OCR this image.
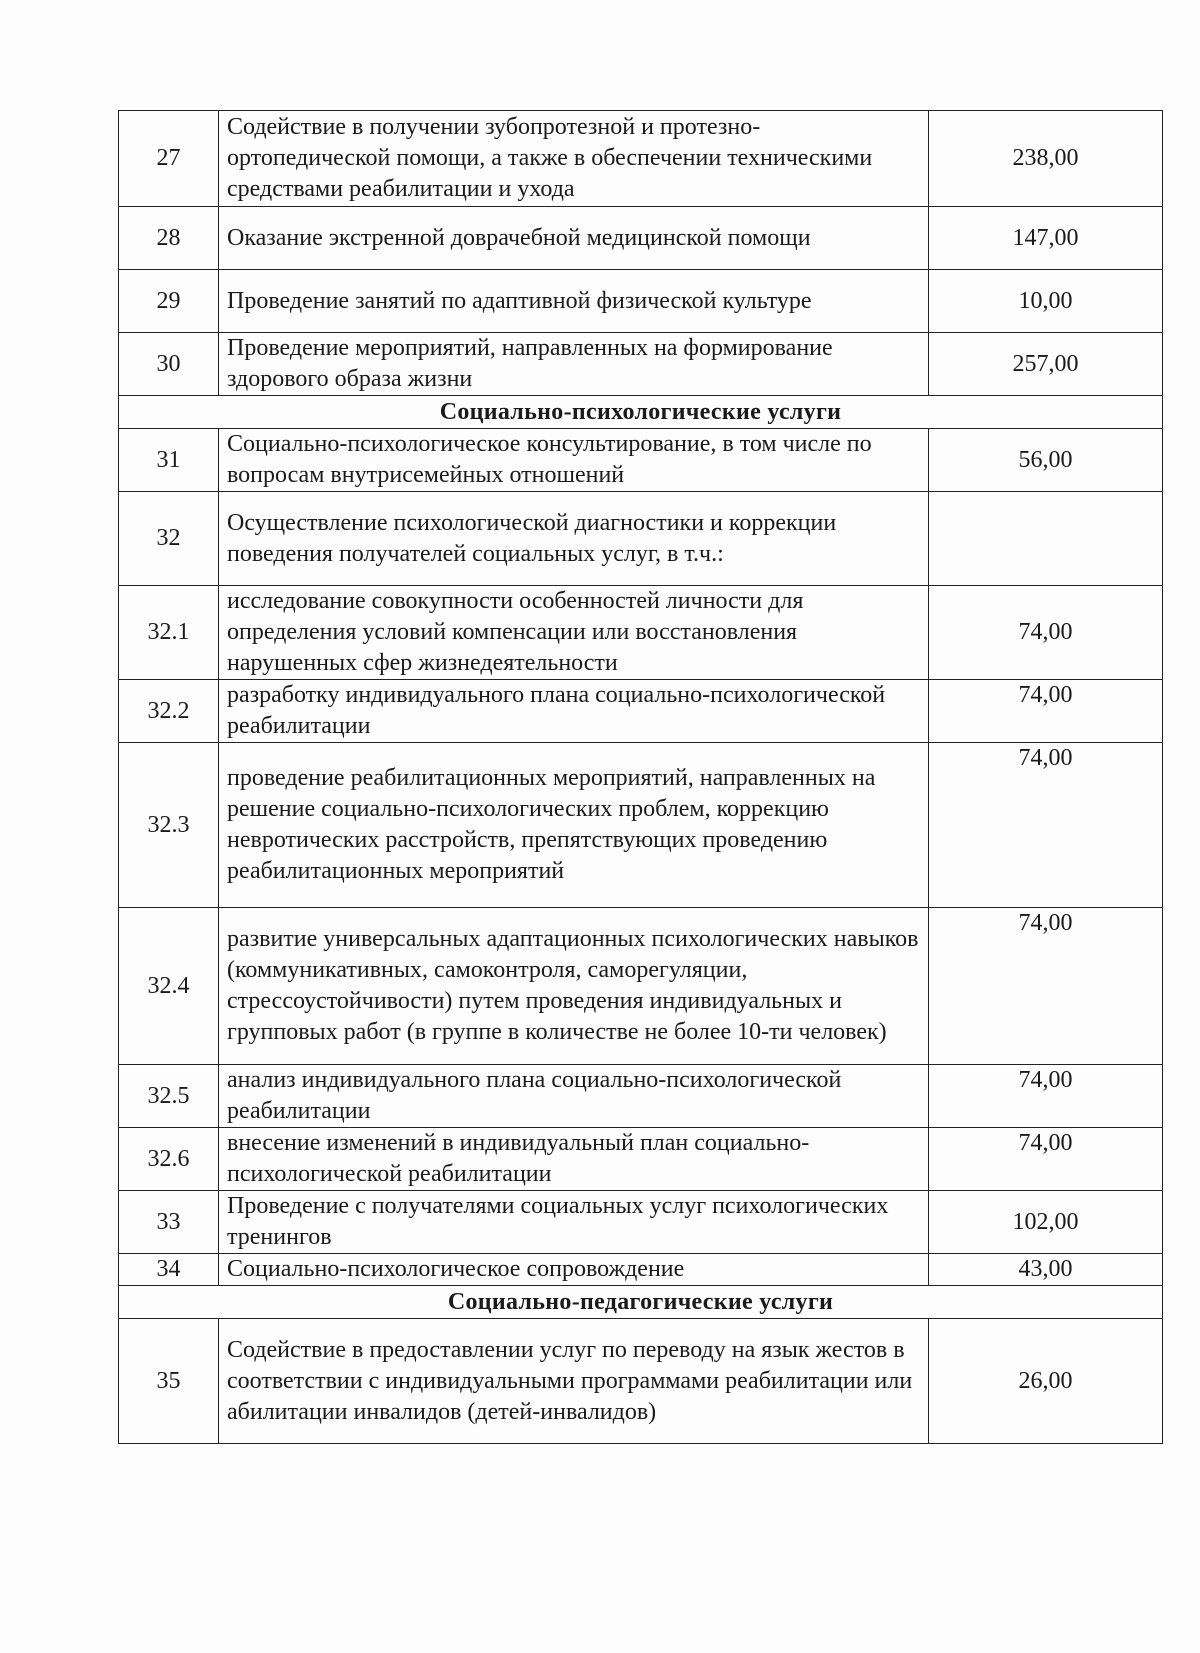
27	Содействие в получении зубопротезной и протезно-ортопедической помощи, а также в обеспечении техническими средствами реабилитации и ухода	238,00
28	Оказание экстренной доврачебной медицинской помощи	147,00
29	Проведение занятий по адаптивной физической культуре	10,00
30	Проведение мероприятий, направленных на формирование здорового образа жизни	257,00
Социально-психологические услуги		
31	Социально-психологическое консультирование, в том числе по вопросам внутрисемейных отношений	56,00
32	Осуществление психологической диагностики и коррекции поведения получателей социальных услуг, в т.ч.:	
32.1	исследование совокупности особенностей личности для определения условий компенсации или восстановления нарушенных сфер жизнедеятельности	74,00
32.2	разработку индивидуального плана социально-психологической реабилитации	74,00
32.3	проведение реабилитационных мероприятий, направленных на решение социально-психологических проблем, коррекцию невротических расстройств, препятствующих проведению реабилитационных мероприятий	74,00
32.4	развитие универсальных адаптационных психологических навыков (коммуникативных, самоконтроля, саморегуляции, стрессоустойчивости) путем проведения индивидуальных и групповых работ (в группе в количестве не более 10-ти человек)	74,00
32.5	анализ индивидуального плана социально-психологической реабилитации	74,00
32.6	внесение изменений в индивидуальный план социально-психологической реабилитации	74,00
33	Проведение с получателями социальных услуг психологических тренингов	102,00
34	Социально-психологическое сопровождение	43,00
Социально-педагогические услуги		
35	Содействие в предоставлении услуг по переводу на язык жестов в соответствии с индивидуальными программами реабилитации или абилитации инвалидов (детей-инвалидов)	26,00
